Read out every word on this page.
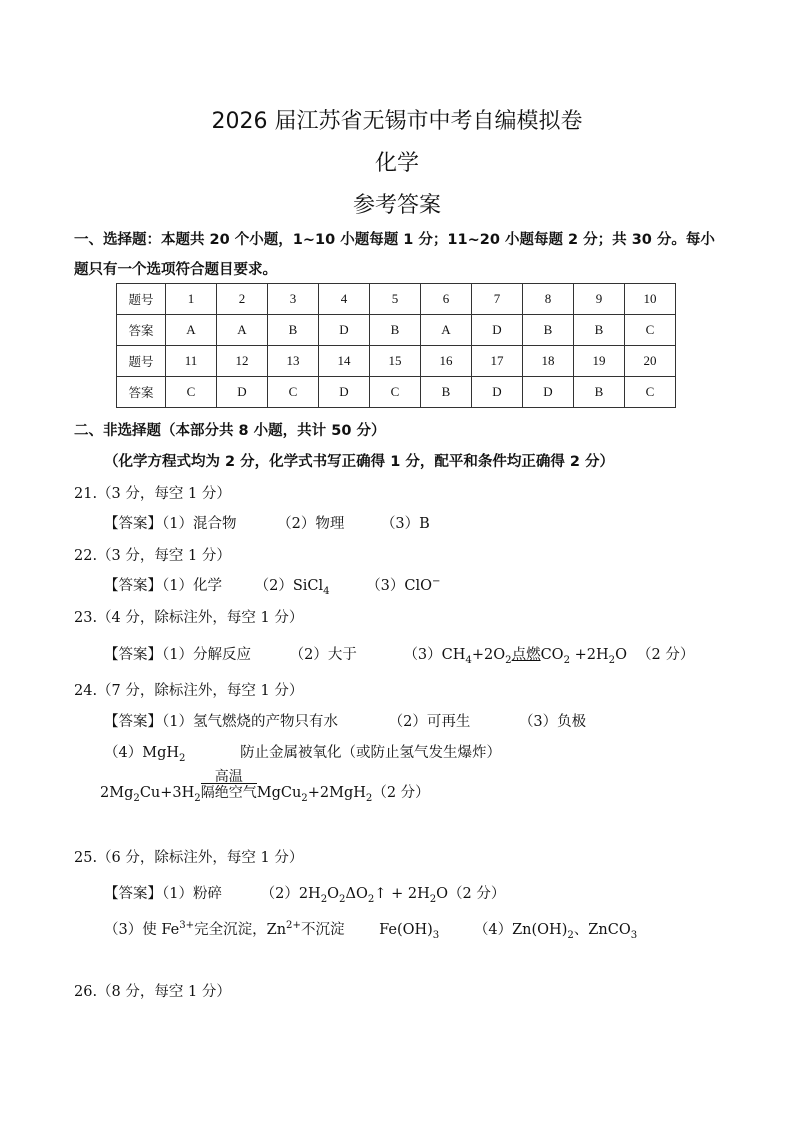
2026 届江苏省无锡市中考自编模拟卷
化学
参考答案
一、选择题：本题共 20 个小题，1~10 小题每题 1 分；11~20 小题每题 2 分；共 30 分。每小
题只有一个选项符合题目要求。
题号	1	2	3	4	5	6	7	8	9	10
答案	A	A	B	D	B	A	D	B	B	C
题号	11	12	13	14	15	16	17	18	19	20
答案	C	D	C	D	C	B	D	D	B	C
二、非选择题（本部分共 8 小题，共计 50 分）
（化学方程式均为 2 分，化学式书写正确得 1 分，配平和条件均正确得 2 分）
21.（3 分，每空 1 分）
【答案】（1）混合物	（2）物理	（3）B
22.（3 分，每空 1 分）
【答案】（1）化学 （2）SiCl$_4$	（3）ClO−
23.（4 分，除标注外，每空 1 分）
【答案】（1）分解反应	（2）大于	$(3)CH_4+2O_2$点燃$CO_2 +2H_2O$ （2 分）
24.（7 分，除标注外，每空 1 分）
【答案】（1）氢气燃烧的产物只有水	（2）可再生	（3）负极
（4）MgH$_2$	防止金属被氧化（或防止氢气发生爆炸）
$2Mg_2Cu+3H_2$
高温
隔绝空气MgCu$_2$+2MgH$_2$（2 分）
25.（6 分，除标注外，每空 1 分）
【答案】（1）粉碎	$(2)2H_2O_2\Delta O_2↑ + 2H_2O(2$ 分）
（3）使 $Fe^{3+}$完全沉淀，$Zn^{2+}$不沉淀 $Fe(OH)_3$ $(4)Zn(OH)_2$、ZnCO$_3$
26.（8 分，每空 1 分）
